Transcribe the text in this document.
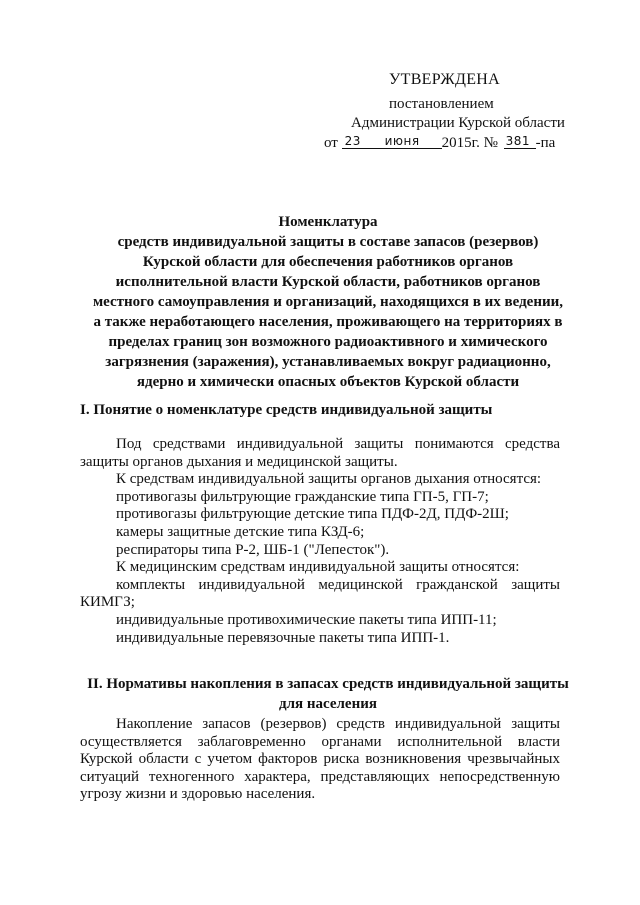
УТВЕРЖДЕНА
постановлением
Администрации Курской области
от 23 июня 2015г. № 381 -па
Номенклатура
средств индивидуальной защиты в составе запасов (резервов)
Курской области для обеспечения работников органов
исполнительной власти Курской области, работников органов
местного самоуправления и организаций, находящихся в их ведении,
а также неработающего населения, проживающего на территориях в
пределах границ зон возможного радиоактивного и химического
загрязнения (заражения), устанавливаемых вокруг радиационно,
ядерно и химически опасных объектов Курской области
I. Понятие о номенклатуре средств индивидуальной защиты
Под средствами индивидуальной защиты понимаются средства
защиты органов дыхания и медицинской защиты.
К средствам индивидуальной защиты органов дыхания относятся:
противогазы фильтрующие гражданские типа ГП-5, ГП-7;
противогазы фильтрующие детские типа ПДФ-2Д, ПДФ-2Ш;
камеры защитные детские типа КЗД-6;
респираторы типа Р-2, ШБ-1 ("Лепесток").
К медицинским средствам индивидуальной защиты относятся:
комплекты индивидуальной медицинской гражданской защиты
КИМГЗ;
индивидуальные противохимические пакеты типа ИПП-11;
индивидуальные перевязочные пакеты типа ИПП-1.
II. Нормативы накопления в запасах средств индивидуальной защиты
для населения
Накопление запасов (резервов) средств индивидуальной защиты
осуществляется заблаговременно органами исполнительной власти
Курской области с учетом факторов риска возникновения чрезвычайных
ситуаций техногенного характера, представляющих непосредственную
угрозу жизни и здоровью населения.
